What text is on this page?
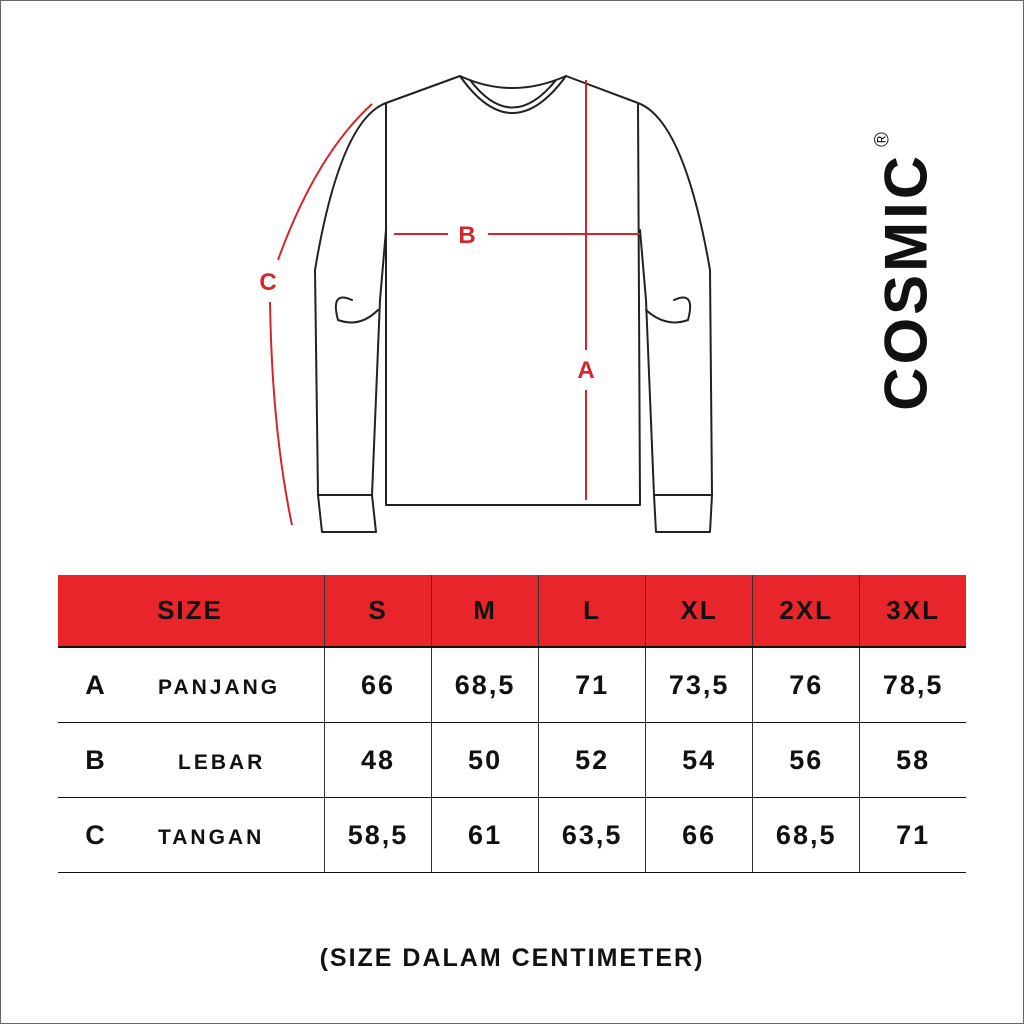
A
B
C	COSMIC®
SIZE	S	M	L	XL	2XL	3XL
A PANJANG	66	68,5	71	73,5	76	78,5
B LEBAR	48	50	52	54	56	58
C TANGAN	58,5	61	63,5	66	68,5	71
(SIZE DALAM CENTIMETER)
